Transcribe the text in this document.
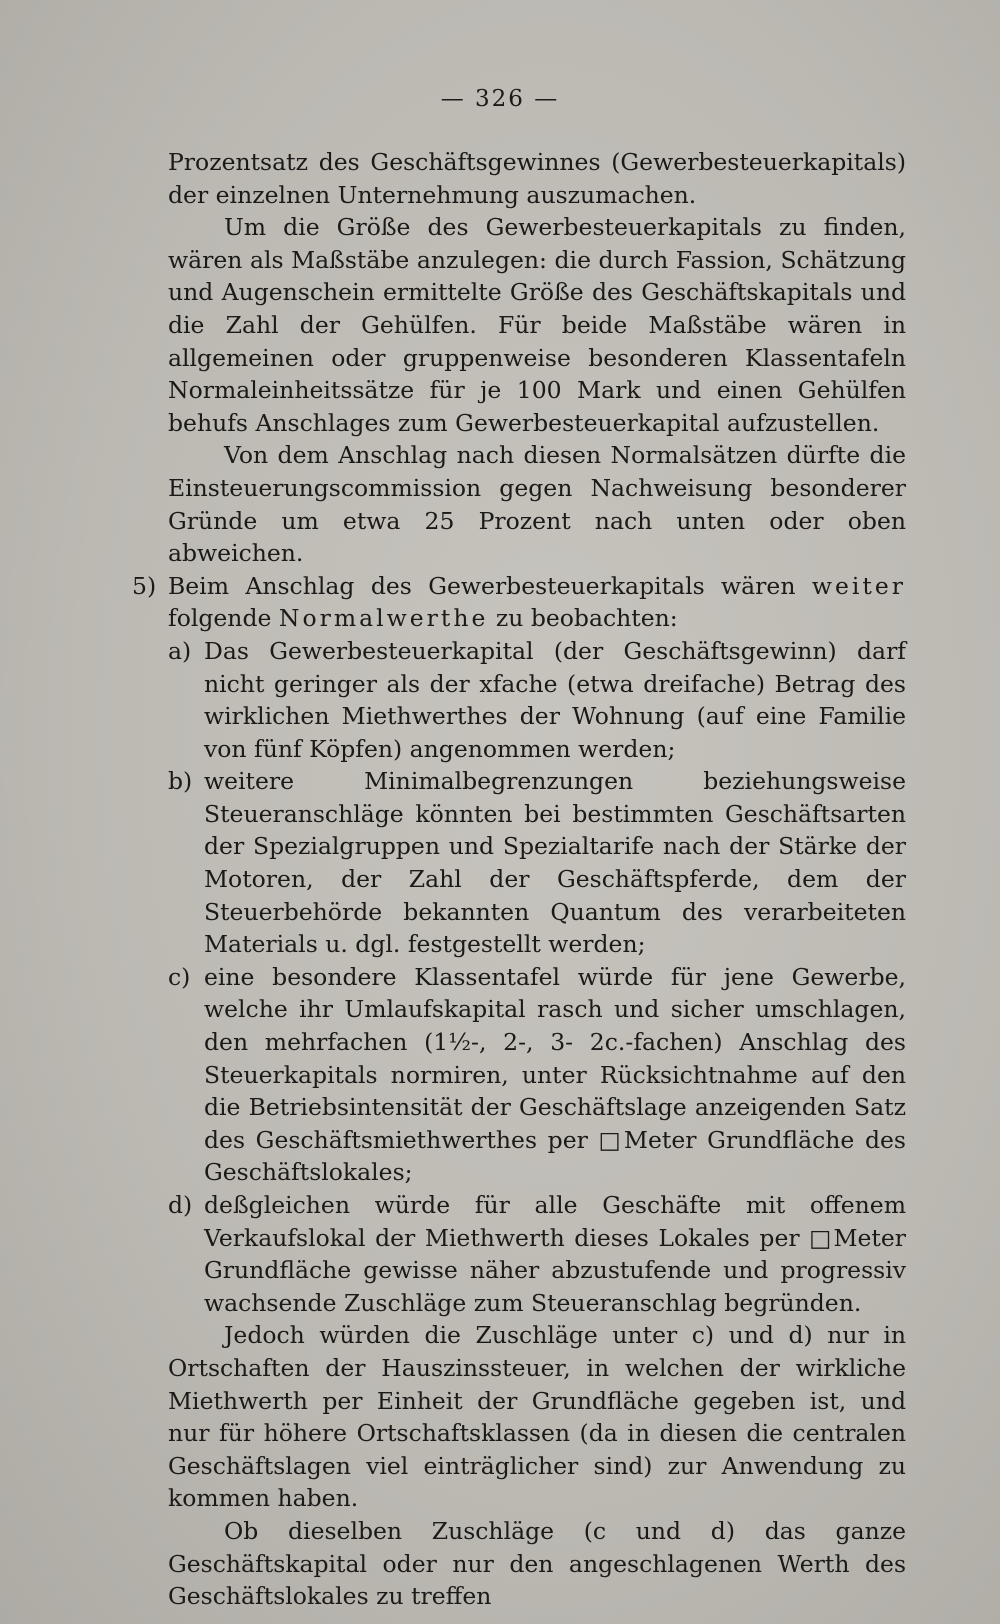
— 326 —

Prozentsatz des Geschäftsgewinnes (Gewerbesteuerkapitals) der einzelnen Unternehmung auszumachen.

Um die Größe des Gewerbesteuerkapitals zu finden, wären als Maßstäbe anzulegen: die durch Fassion, Schätzung und Augenschein ermittelte Größe des Geschäftskapitals und die Zahl der Gehülfen. Für beide Maßstäbe wären in allgemeinen oder gruppenweise besonderen Klassentafeln Normaleinheitssätze für je 100 Mark und einen Gehülfen behufs Anschlages zum Gewerbesteuerkapital aufzustellen.

Von dem Anschlag nach diesen Normalsätzen dürfte die Einsteuerungscommission gegen Nachweisung besonderer Gründe um etwa 25 Prozent nach unten oder oben abweichen.

5) Beim Anschlag des Gewerbesteuerkapitals wären weiter folgende Normalwerthe zu beobachten:
a) Das Gewerbesteuerkapital (der Geschäftsgewinn) darf nicht geringer als der xfache (etwa dreifache) Betrag des wirklichen Miethwerthes der Wohnung (auf eine Familie von fünf Köpfen) angenommen werden;
b) weitere Minimalbegrenzungen beziehungsweise Steueranschläge könnten bei bestimmten Geschäftsarten der Spezialgruppen und Spezialtarife nach der Stärke der Motoren, der Zahl der Geschäftspferde, dem der Steuerbehörde bekannten Quantum des verarbeiteten Materials u. dgl. festgestellt werden;
c) eine besondere Klassentafel würde für jene Gewerbe, welche ihr Umlaufskapital rasch und sicher umschlagen, den mehrfachen (1½-, 2-, 3- 2c.-fachen) Anschlag des Steuerkapitals normiren, unter Rücksichtnahme auf den die Betriebsintensität der Geschäftslage anzeigenden Satz des Geschäftsmiethwerthes per □Meter Grundfläche des Geschäftslokales;
d) deßgleichen würde für alle Geschäfte mit offenem Verkaufslokal der Miethwerth dieses Lokales per □Meter Grundfläche gewisse näher abzustufende und progressiv wachsende Zuschläge zum Steueranschlag begründen.

Jedoch würden die Zuschläge unter c) und d) nur in Ortschaften der Hauszinssteuer, in welchen der wirkliche Miethwerth per Einheit der Grundfläche gegeben ist, und nur für höhere Ortschaftsklassen (da in diesen die centralen Geschäftslagen viel einträglicher sind) zur Anwendung zu kommen haben.

Ob dieselben Zuschläge (c und d) das ganze Geschäftskapital oder nur den angeschlagenen Werth des Geschäftslokales zu treffen
